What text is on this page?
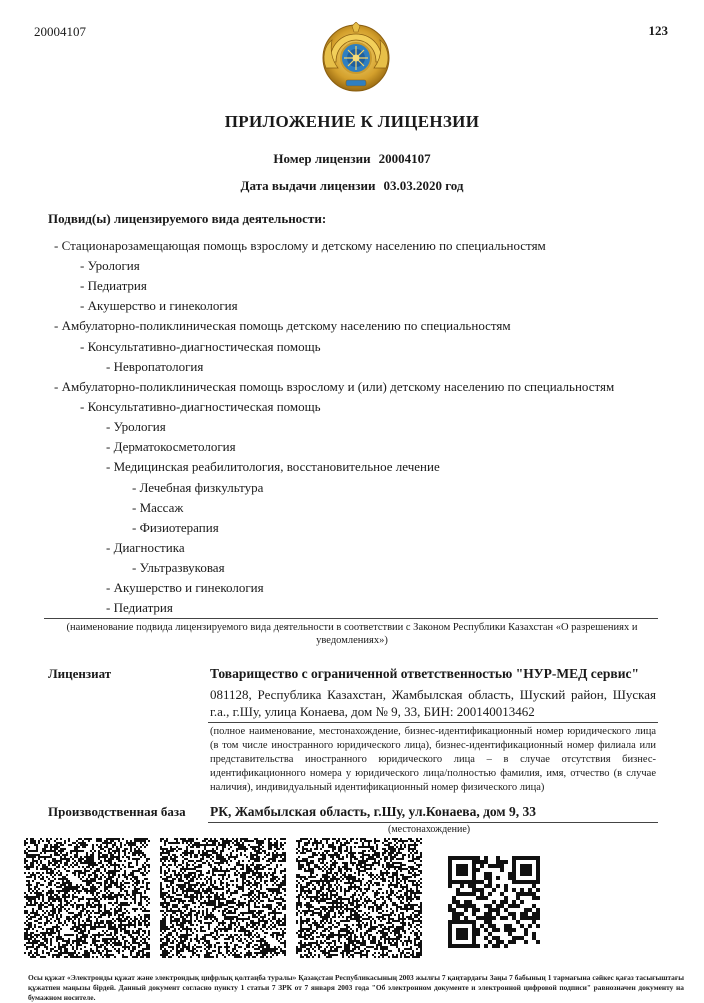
20004107	123
ПРИЛОЖЕНИЕ К ЛИЦЕНЗИИ
Номер лицензии 20004107
Дата выдачи лицензии 03.03.2020 год
Подвид(ы) лицензируемого вида деятельности:
- Стационарозамещающая помощь взрослому и детскому населению по специальностям
- Урология
- Педиатрия
- Акушерство и гинекология
- Амбулаторно-поликлиническая помощь детскому населению по специальностям
- Консультативно-диагностическая помощь
- Невропатология
- Амбулаторно-поликлиническая помощь взрослому и (или) детскому населению по специальностям
- Консультативно-диагностическая помощь
- Урология
- Дерматокосметология
- Медицинская реабилитология, восстановительное лечение
- Лечебная физкультура
- Массаж
- Физиотерапия
- Диагностика
- Ультразвуковая
- Акушерство и гинекология
- Педиатрия
(наименование подвида лицензируемого вида деятельности в соответствии с Законом Республики Казахстан «О разрешениях и
уведомлениях»)
Лицензиат	Товарищество с ограниченной ответственностью "НУР-МЕД сервис"
081128, Республика Казахстан, Жамбылская область, Шуский район, Шуская г.а., г.Шу, улица Конаева, дом № 9, 33, БИН: 200140013462
(полное наименование, местонахождение, бизнес-идентификационный номер юридического лица (в том числе иностранного юридического лица), бизнес-идентификационный номер филиала или представительства иностранного юридического лица – в случае отсутствия бизнес-идентификационного номера у юридического лица/полностью фамилия, имя, отчество (в случае наличия), индивидуальный идентификационный номер физического лица)
Производственная база РК, Жамбылская область, г.Шу, ул.Конаева, дом 9, 33
(местонахождение)
Осы құжат «Электронды құжат және электрондық цифрлық қолтаңба туралы» Қазақстан Республикасының 2003 жылғы 7 қаңтардағы Заңы 7 бабының 1 тармағына сәйкес қағаз тасығыштағы құжатпен маңызы бірдей. Данный документ согласно пункту 1 статьи 7 ЗРК от 7 января 2003 года "Об электронном документе и электронной цифровой подписи" равнозначен документу на бумажном носителе.
